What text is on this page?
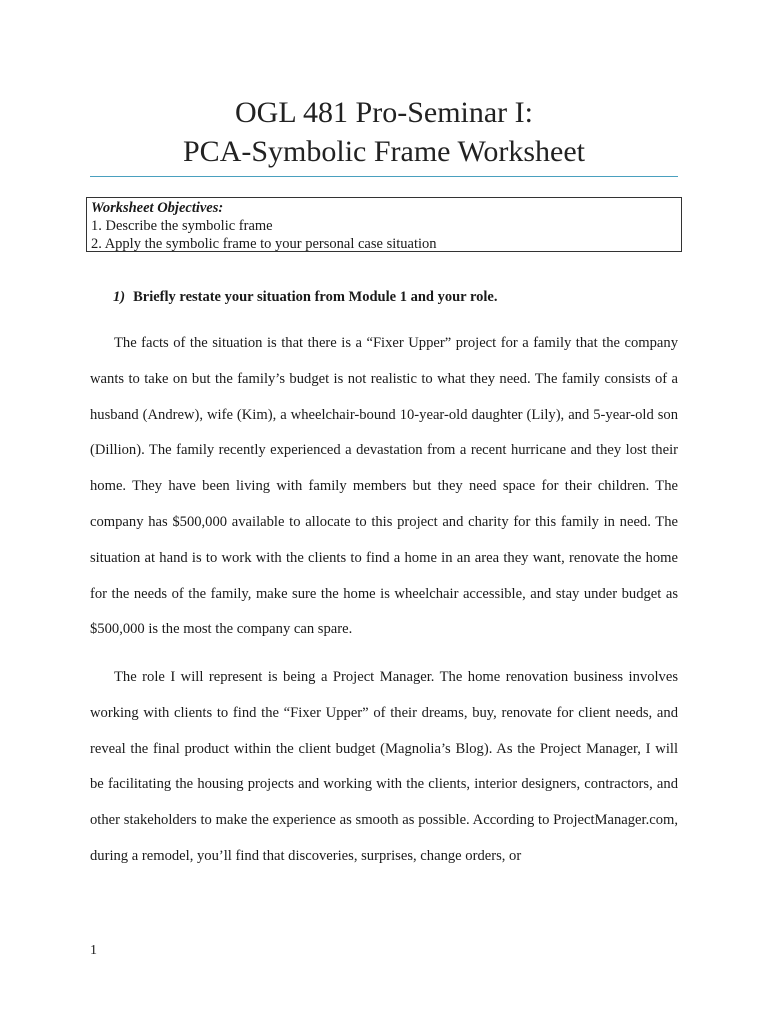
OGL 481 Pro-Seminar I:
PCA-Symbolic Frame Worksheet
Worksheet Objectives:
1. Describe the symbolic frame
2. Apply the symbolic frame to your personal case situation
1) Briefly restate your situation from Module 1 and your role.

The facts of the situation is that there is a “Fixer Upper” project for a family that the company wants to take on but the family’s budget is not realistic to what they need. The family consists of a husband (Andrew), wife (Kim), a wheelchair-bound 10-year-old daughter (Lily), and 5-year-old son (Dillion). The family recently experienced a devastation from a recent hurricane and they lost their home. They have been living with family members but they need space for their children. The company has $500,000 available to allocate to this project and charity for this family in need. The situation at hand is to work with the clients to find a home in an area they want, renovate the home for the needs of the family, make sure the home is wheelchair accessible, and stay under budget as $500,000 is the most the company can spare.

The role I will represent is being a Project Manager. The home renovation business involves working with clients to find the “Fixer Upper” of their dreams, buy, renovate for client needs, and reveal the final product within the client budget (Magnolia’s Blog). As the Project Manager, I will be facilitating the housing projects and working with the clients, interior designers, contractors, and other stakeholders to make the experience as smooth as possible. According to ProjectManager.com, during a remodel, you’ll find that discoveries, surprises, change orders, or

1
